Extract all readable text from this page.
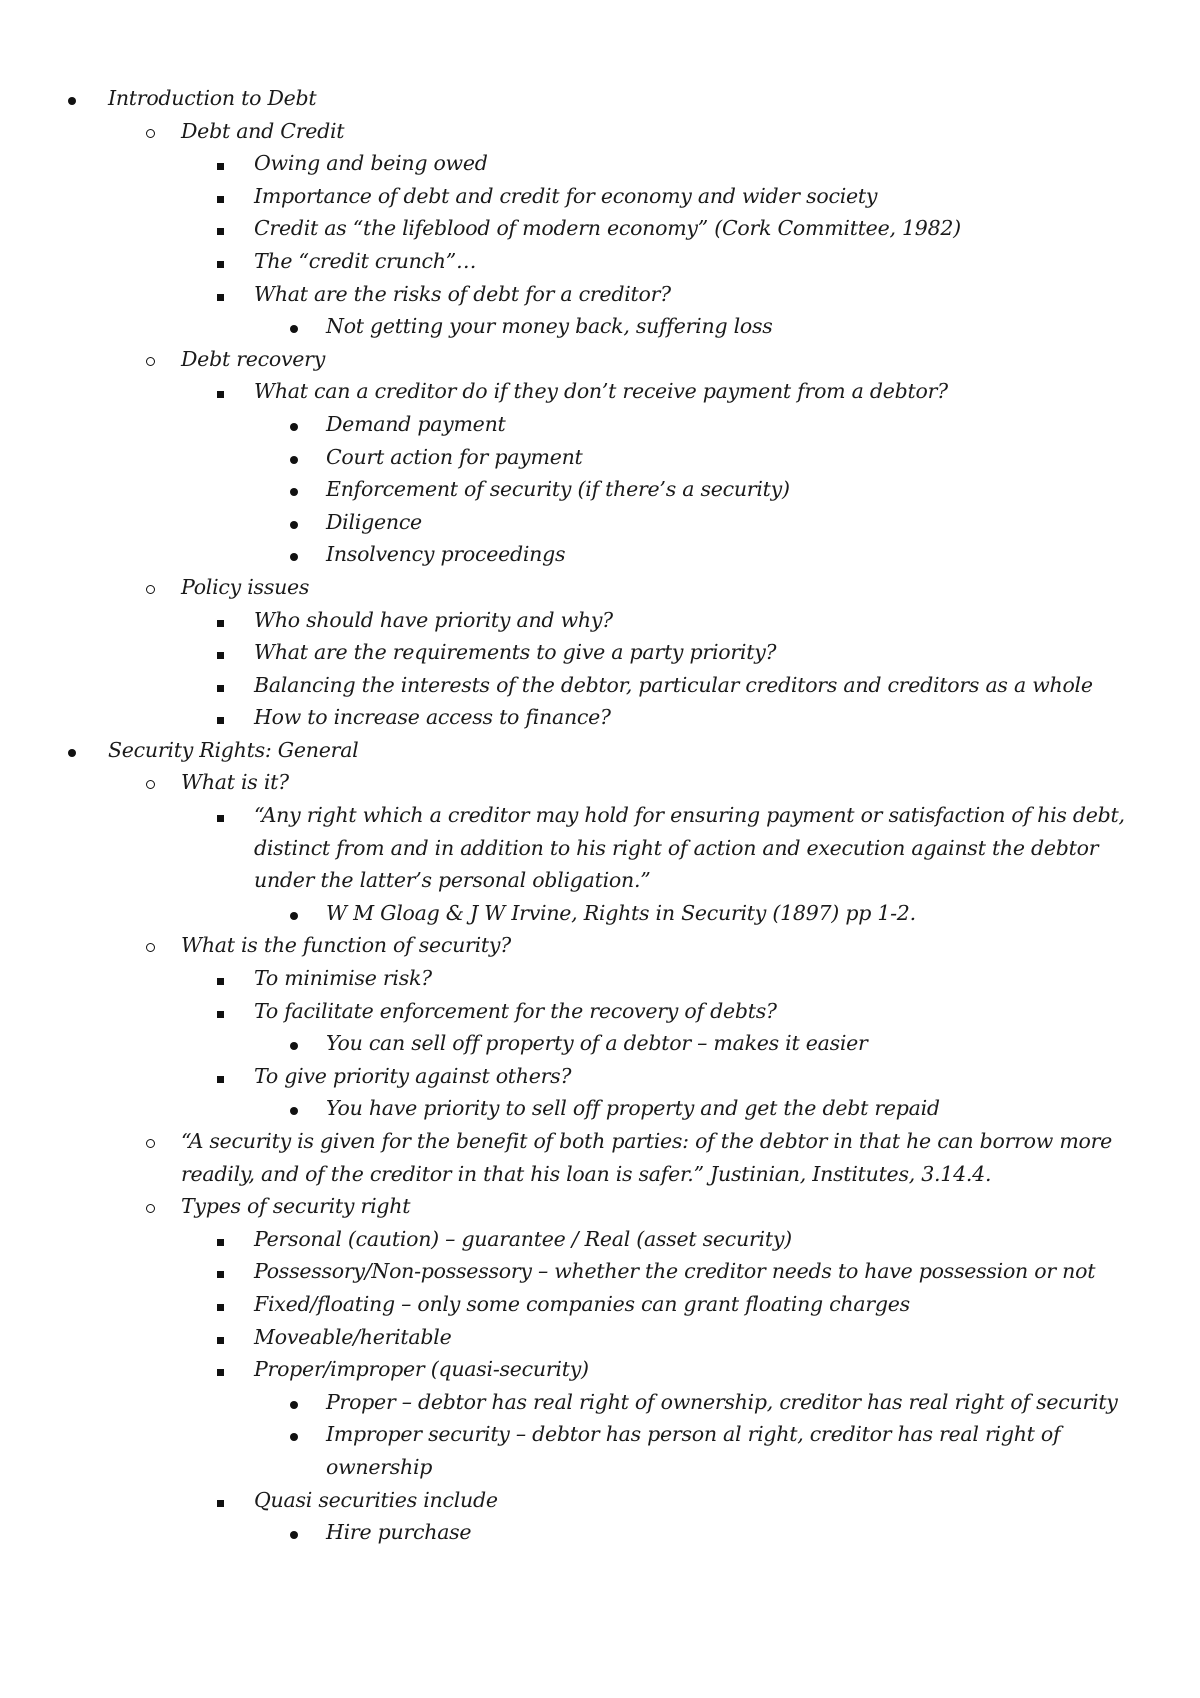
Introduction to Debt
Debt and Credit
Owing and being owed
Importance of debt and credit for economy and wider society
Credit as “the lifeblood of modern economy” (Cork Committee, 1982)
The “credit crunch”…
What are the risks of debt for a creditor?
Not getting your money back, suffering loss
Debt recovery
What can a creditor do if they don’t receive payment from a debtor?
Demand payment
Court action for payment
Enforcement of security (if there’s a security)
Diligence
Insolvency proceedings
Policy issues
Who should have priority and why?
What are the requirements to give a party priority?
Balancing the interests of the debtor, particular creditors and creditors as a whole
How to increase access to finance?
Security Rights: General
What is it?
“Any right which a creditor may hold for ensuring payment or satisfaction of his debt, distinct from and in addition to his right of action and execution against the debtor under the latter’s personal obligation.”
W M Gloag & J W Irvine, Rights in Security (1897) pp 1-2.
What is the function of security?
To minimise risk?
To facilitate enforcement for the recovery of debts?
You can sell off property of a debtor – makes it easier
To give priority against others?
You have priority to sell off property and get the debt repaid
“A security is given for the benefit of both parties: of the debtor in that he can borrow more readily, and of the creditor in that his loan is safer.” Justinian, Institutes, 3.14.4.
Types of security right
Personal (caution) – guarantee / Real (asset security)
Possessory/Non-possessory – whether the creditor needs to have possession or not
Fixed/floating – only some companies can grant floating charges
Moveable/heritable
Proper/improper (quasi-security)
Proper – debtor has real right of ownership, creditor has real right of security
Improper security – debtor has person al right, creditor has real right of ownership
Quasi securities include
Hire purchase
